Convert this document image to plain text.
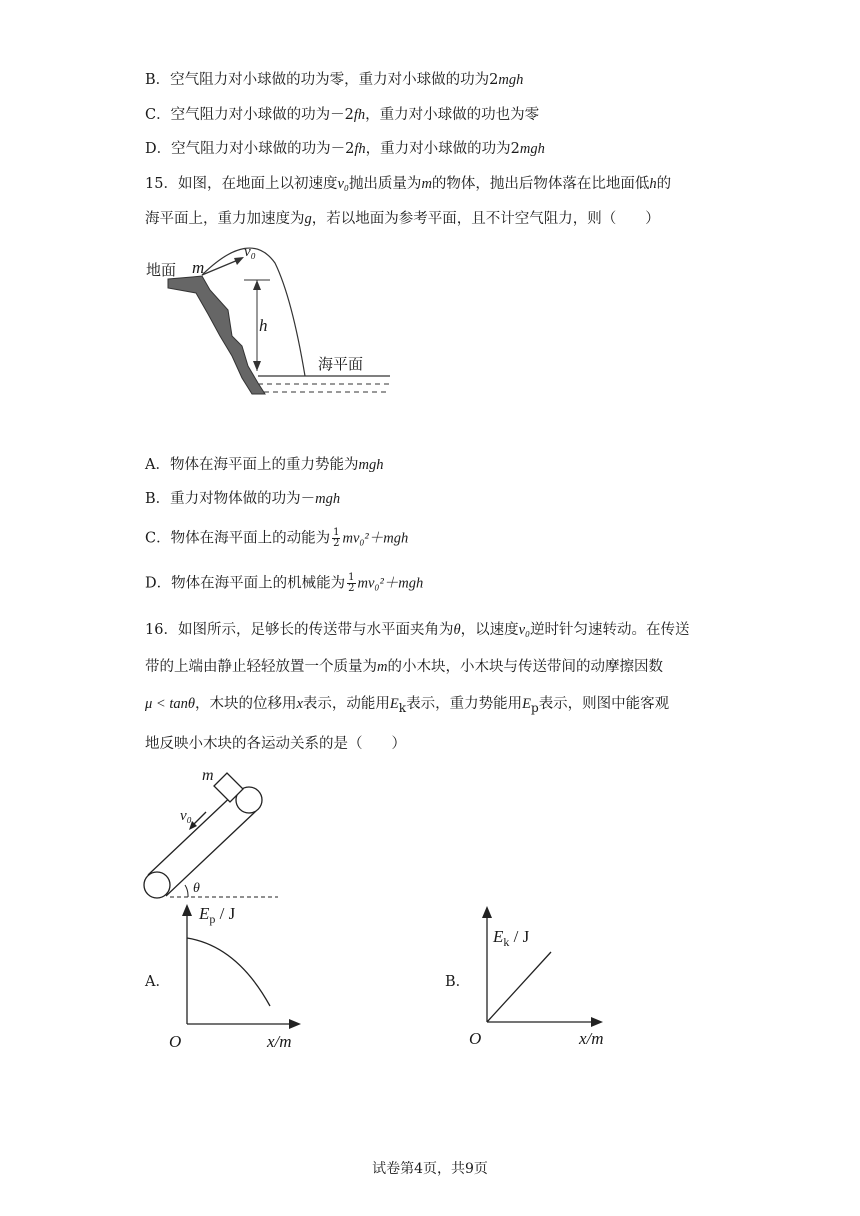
B．空气阻力对小球做的功为零，重力对小球做的功为2mgh
C．空气阻力对小球做的功为－2fh，重力对小球做的功也为零
D．空气阻力对小球做的功为－2fh，重力对小球做的功为2mgh
15．如图，在地面上以初速度v₀抛出质量为m的物体，抛出后物体落在比地面低h的
海平面上，重力加速度为g，若以地面为参考平面，且不计空气阻力，则（　　）
地面 m
v₀
h
海平面
A．物体在海平面上的重力势能为mgh
B．重力对物体做的功为－mgh
C．物体在海平面上的动能为 $\frac{1}{2} mv_0^2+mgh$
D．物体在海平面上的机械能为 $\frac{1}{2} mv_0^2+mgh$
16．如图所示，足够长的传送带与水平面夹角为θ，以速度v₀逆时针匀速转动。在传送
带的上端由静止轻轻放置一个质量为m的小木块，小木块与传送带间的动摩擦因数
μ < tanθ，木块的位移用x表示，动能用$E_k$表示，重力势能用$E_p$表示，则图中能客观
地反映小木块的各运动关系的是（　　）
m
v₀
θ
A．
$E_p$ / J
O	x/m
B．
$E_k$ / J
O	x/m
试卷第4页，共9页
